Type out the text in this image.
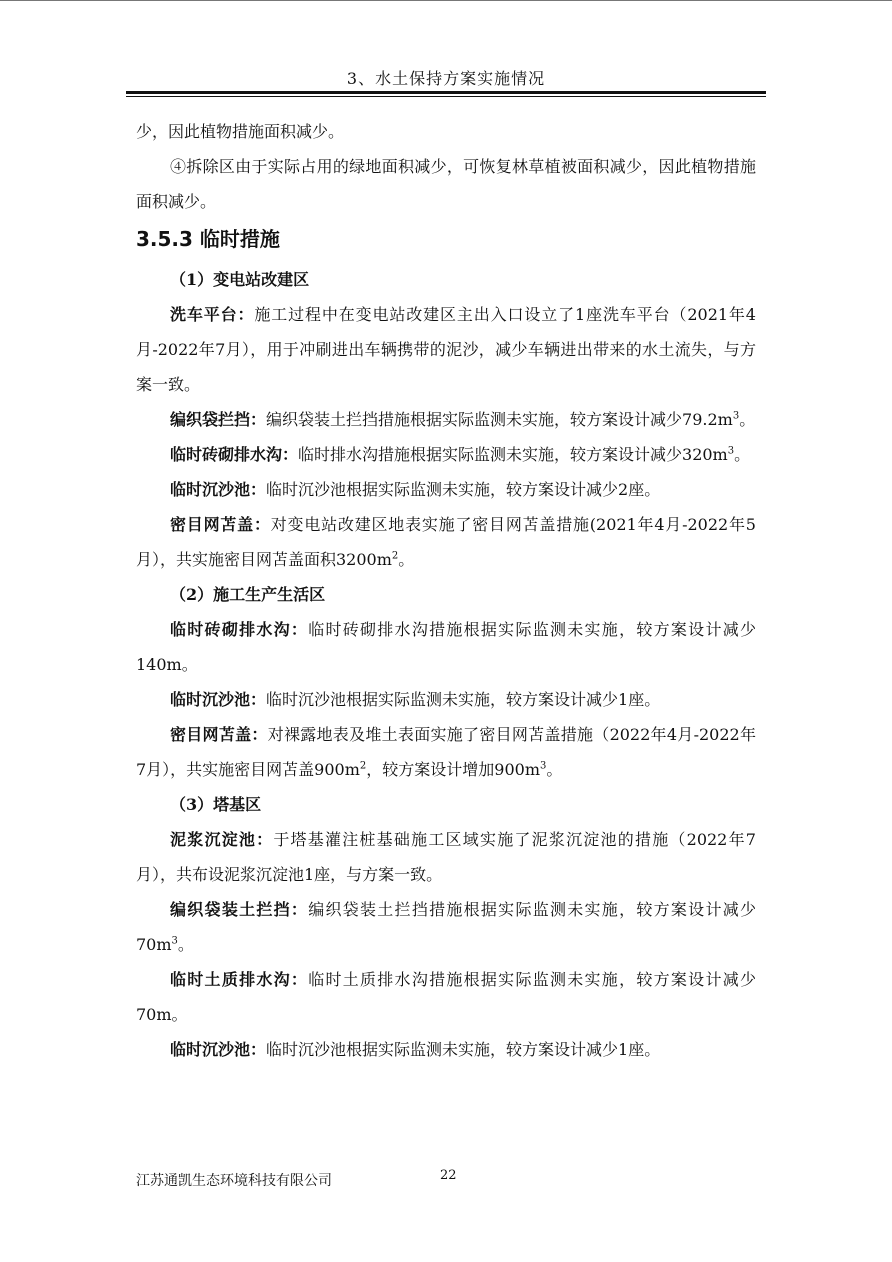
3、水土保持方案实施情况

少，因此植物措施面积减少。

④拆除区由于实际占用的绿地面积减少，可恢复林草植被面积减少，因此植物措施面积减少。

3.5.3 临时措施

（1）变电站改建区

洗车平台：施工过程中在变电站改建区主出入口设立了1座洗车平台（2021年4月-2022年7月），用于冲刷进出车辆携带的泥沙，减少车辆进出带来的水土流失，与方案一致。

编织袋拦挡：编织袋装土拦挡措施根据实际监测未实施，较方案设计减少$79.2m^3$。

临时砖砌排水沟：临时排水沟措施根据实际监测未实施，较方案设计减少$320m^3$。

临时沉沙池：临时沉沙池根据实际监测未实施，较方案设计减少2座。

密目网苫盖：对变电站改建区地表实施了密目网苫盖措施(2021年4月-2022年5月），共实施密目网苫盖面积$3200m^2$。

（2）施工生产生活区

临时砖砌排水沟：临时砖砌排水沟措施根据实际监测未实施，较方案设计减少140m。

临时沉沙池：临时沉沙池根据实际监测未实施，较方案设计减少1座。

密目网苫盖：对裸露地表及堆土表面实施了密目网苫盖措施（2022年4月-2022年7月），共实施密目网苫盖$900m^2$，较方案设计增加$900m^3$。

（3）塔基区

泥浆沉淀池：于塔基灌注桩基础施工区域实施了泥浆沉淀池的措施（2022年7月），共布设泥浆沉淀池1座，与方案一致。

编织袋装土拦挡：编织袋装土拦挡措施根据实际监测未实施，较方案设计减少$70m^3$。

临时土质排水沟：临时土质排水沟措施根据实际监测未实施，较方案设计减少70m。

临时沉沙池：临时沉沙池根据实际监测未实施，较方案设计减少1座。

江苏通凯生态环境科技有限公司	22
